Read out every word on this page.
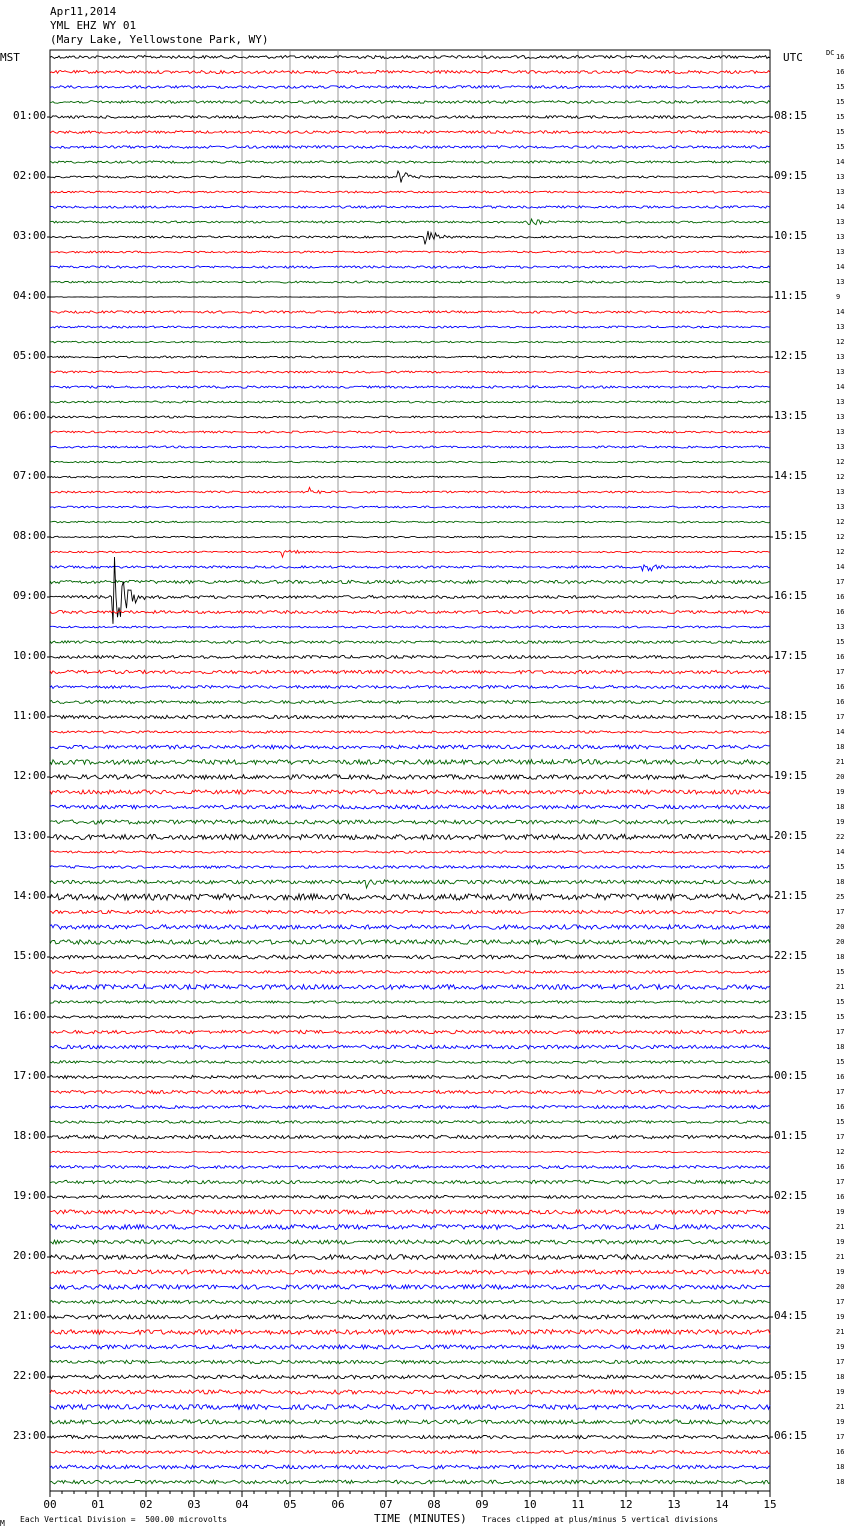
00	01	02	03	04	05	06	07	08	09	10	11	12	13	14	15
Apr11,2014
YML EHZ WY 01
(Mary Lake, Yellowstone Park, WY)
MST	UTC	DC
01:00
02:00
03:00
04:00
05:00
06:00
07:00
08:00
09:00
10:00
11:00
12:00
13:00
14:00
15:00
16:00
17:00
18:00
19:00
20:00
21:00
22:00
23:00
08:15
09:15
10:15
11:15
12:15
13:15
14:15
15:15
16:15
17:15
18:15
19:15
20:15
21:15
22:15
23:15
00:15
01:15
02:15
03:15
04:15
05:15
06:15
16
16
15
15
15
15
15
14
13
13
14
13
13
13
14
13
9
14
13
12
13
13
14
13
13
13
13
12
12
13
13
12
12
12
14
17
16
16
13
15
16
17
16
16
17
14
18
21
20
19
18
19
22
14
15
18
25
17
20
20
18
15
21
15
15
17
18
15
16
17
16
15
17
12
16
17
16
19
21
19
21
19
20
17
19
21
19
17
18
19
21
19
17
16
18
18
M Each Vertical Division =  500.00 microvolts	TIME (MINUTES) Traces clipped at plus/minus 5 vertical divisions
